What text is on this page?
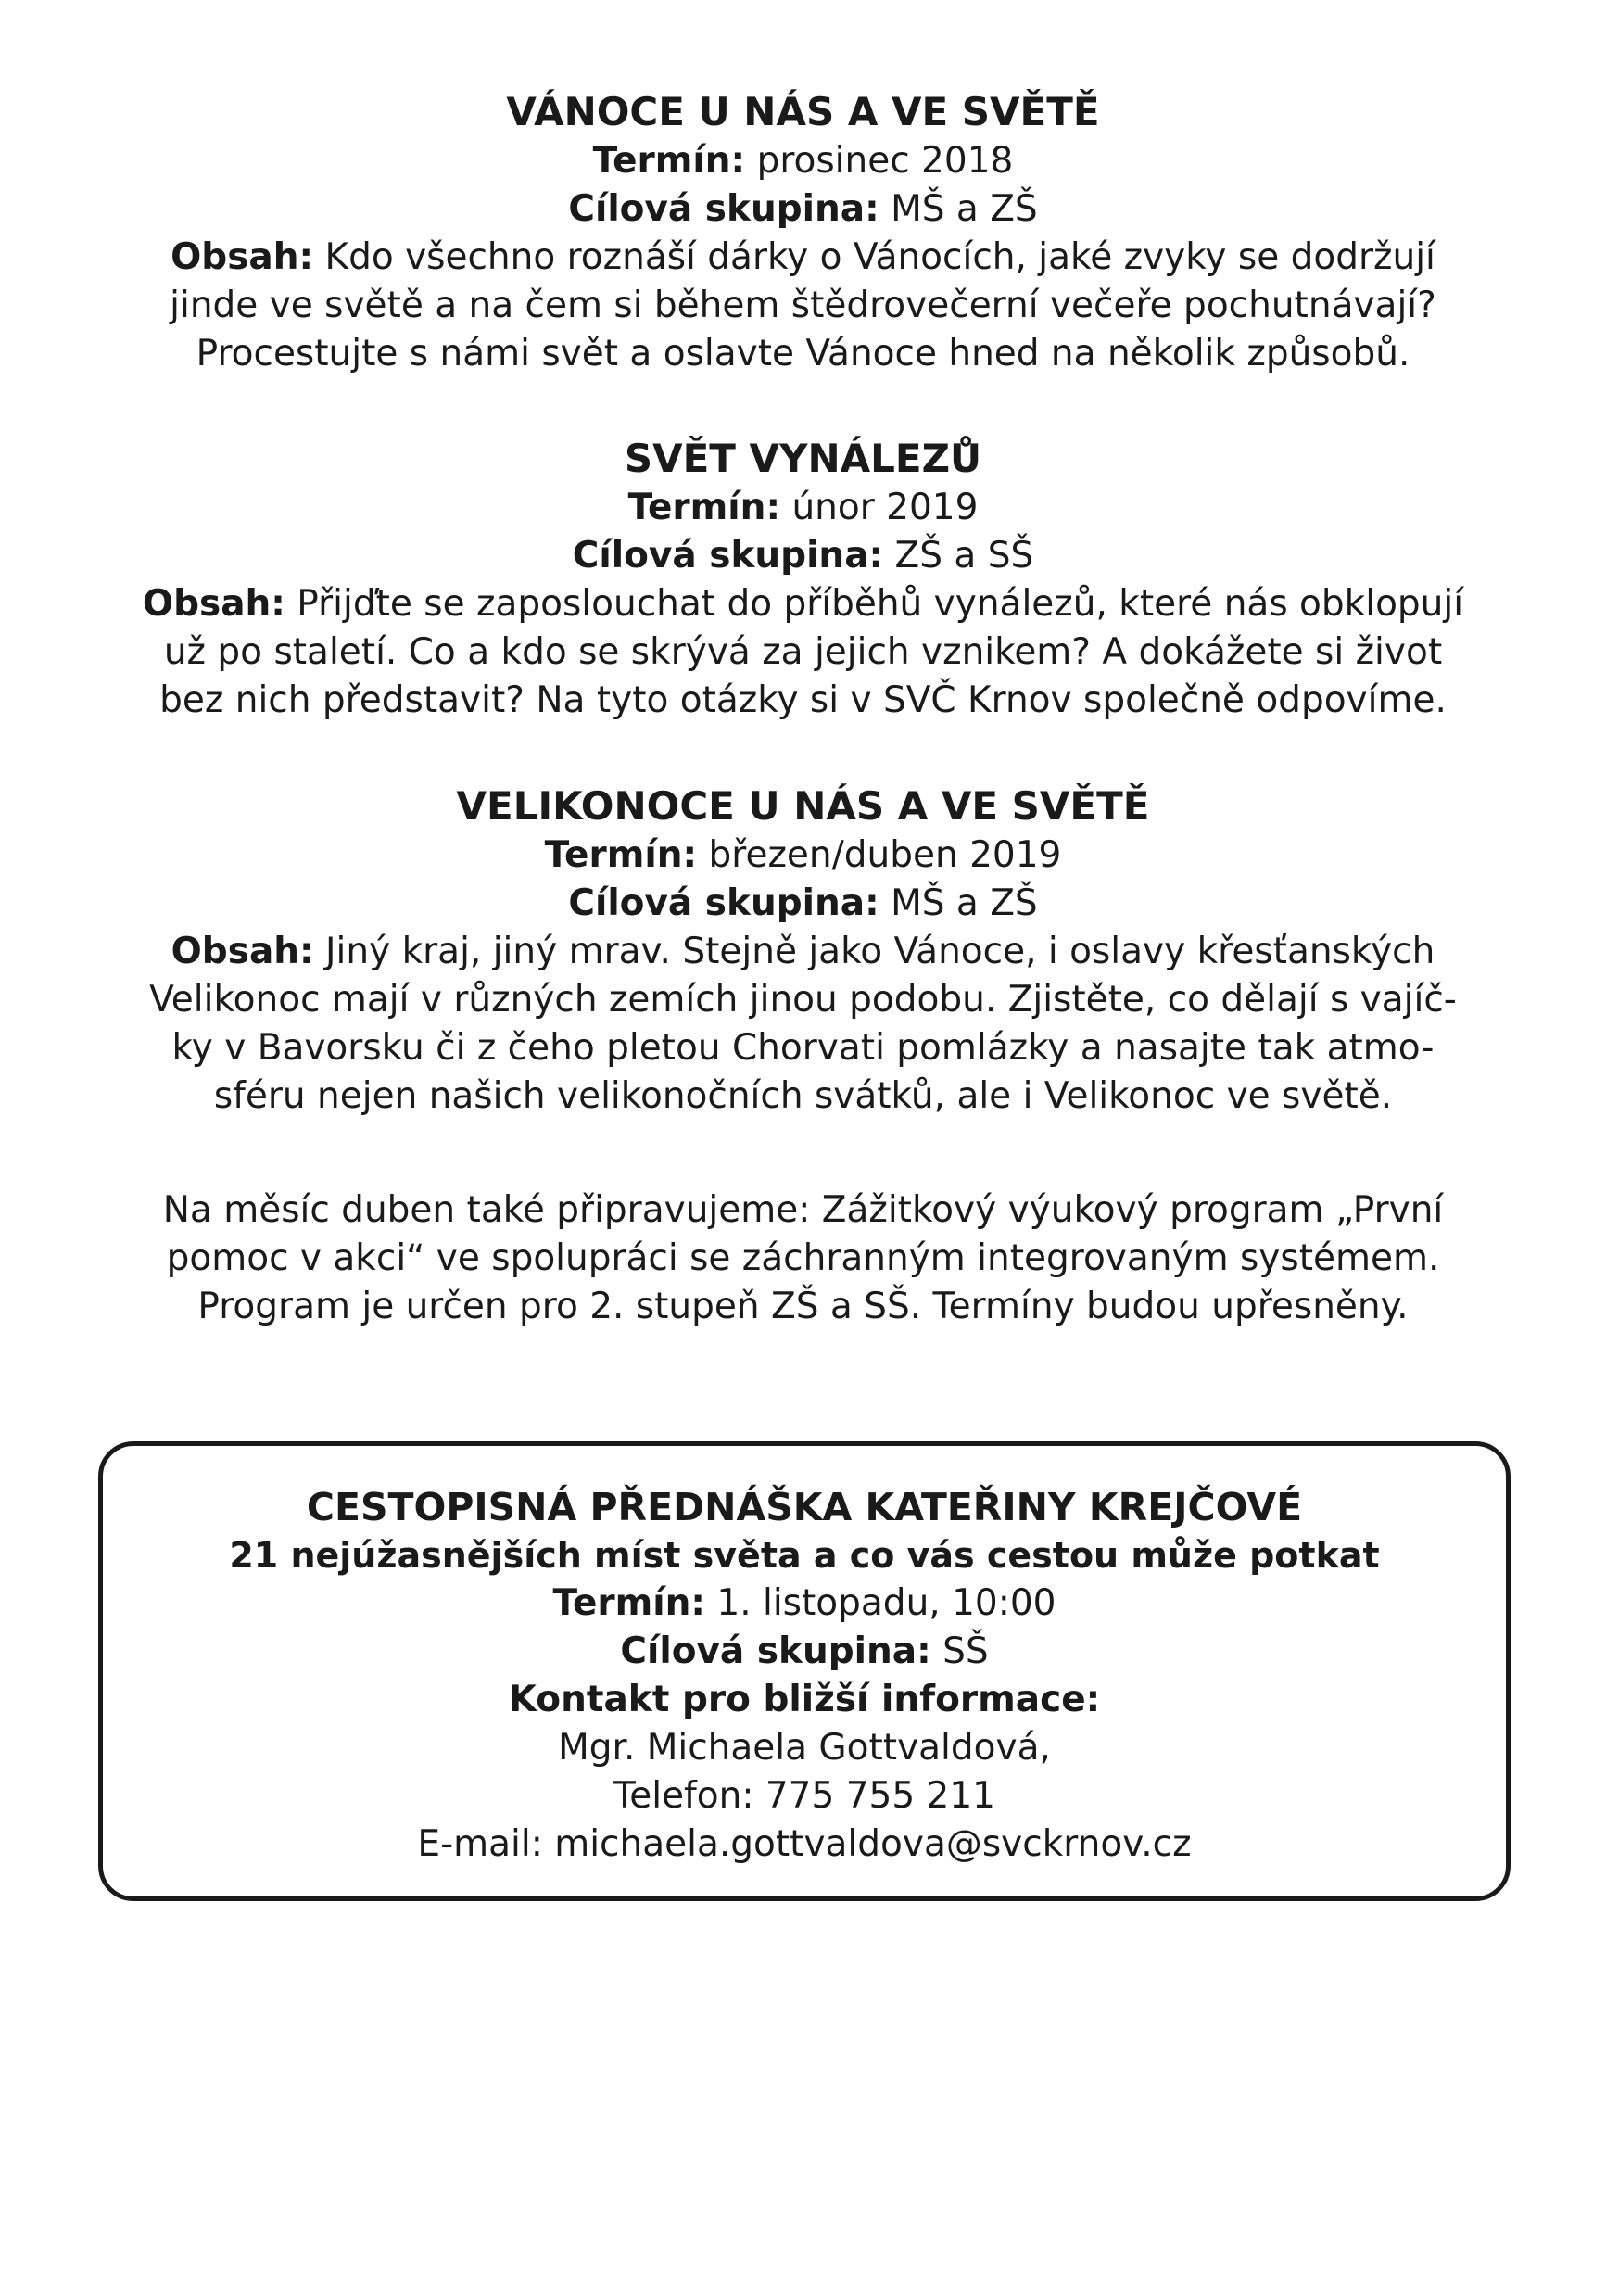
VÁNOCE U NÁS A VE SVĚTĚ

Termín: prosinec 2018

Cílová skupina: MŠ a ZŠ

Obsah: Kdo všechno roznáší dárky o Vánocích, jaké zvyky se dodržují

jinde ve světě a na čem si během štědrovečerní večeře pochutnávají?

Procestujte s námi svět a oslavte Vánoce hned na několik způsobů.

SVĚT VYNÁLEZŮ

Termín: únor 2019

Cílová skupina: ZŠ a SŠ

Obsah: Přijďte se zaposlouchat do příběhů vynálezů, které nás obklopují

už po staletí. Co a kdo se skrývá za jejich vznikem? A dokážete si život

bez nich představit? Na tyto otázky si v SVČ Krnov společně odpovíme.

VELIKONOCE U NÁS A VE SVĚTĚ

Termín: březen/duben 2019

Cílová skupina: MŠ a ZŠ

Obsah: Jiný kraj, jiný mrav. Stejně jako Vánoce, i oslavy křesťanských

Velikonoc mají v různých zemích jinou podobu. Zjistěte, co dělají s vajíč-

ky v Bavorsku či z čeho pletou Chorvati pomlázky a nasajte tak atmo-

sféru nejen našich velikonočních svátků, ale i Velikonoc ve světě.

Na měsíc duben také připravujeme: Zážitkový výukový program „První

pomoc v akci“ ve spolupráci se záchranným integrovaným systémem.

Program je určen pro 2. stupeň ZŠ a SŠ. Termíny budou upřesněny.

CESTOPISNÁ PŘEDNÁŠKA KATEŘINY KREJČOVÉ

21 nejúžasnějších míst světa a co vás cestou může potkat

Termín: 1. listopadu, 10:00

Cílová skupina: SŠ

Kontakt pro bližší informace:

Mgr. Michaela Gottvaldová,

Telefon: 775 755 211

E-mail: michaela.gottvaldova@svckrnov.cz
